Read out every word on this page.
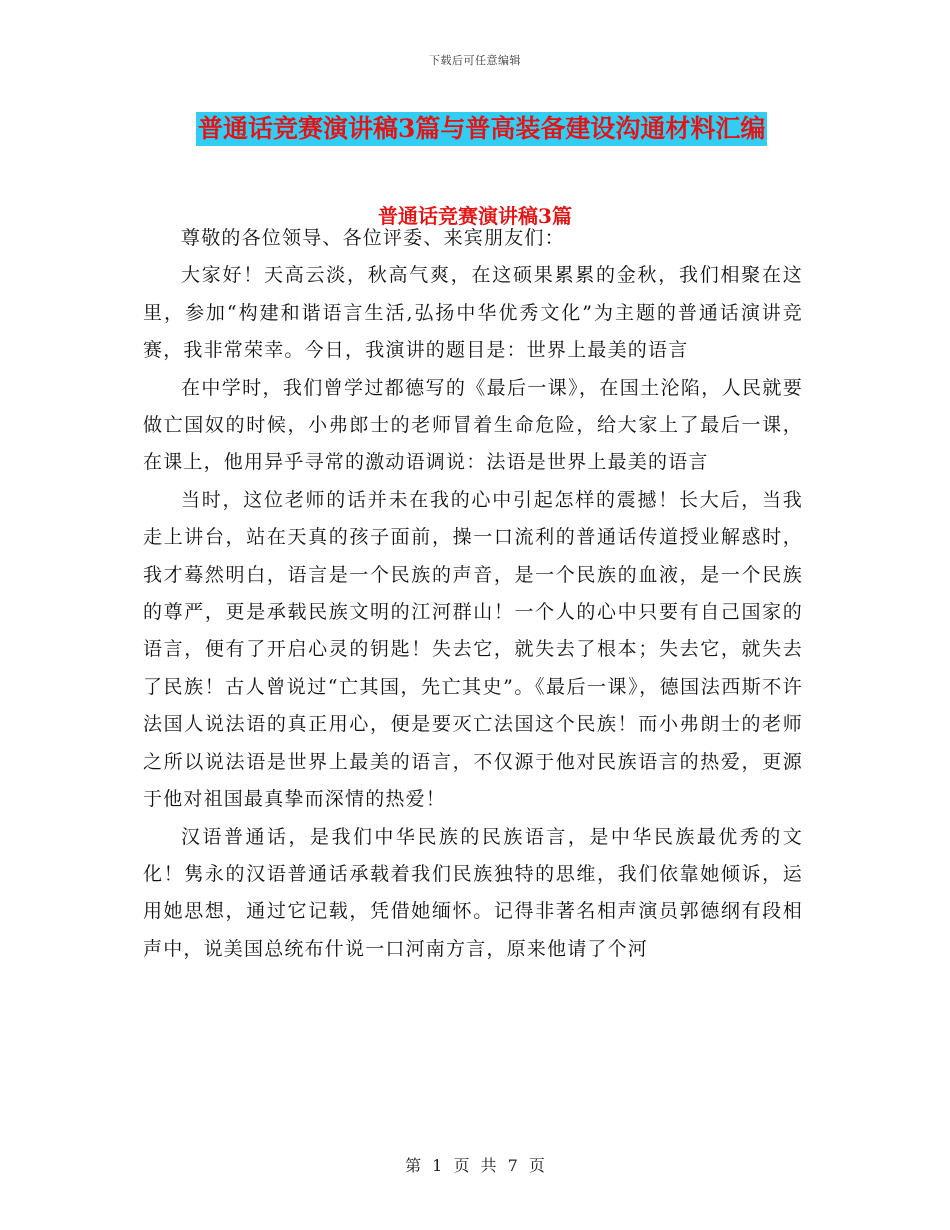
下载后可任意编辑
普通话竞赛演讲稿3篇与普高装备建设沟通材料汇编
普通话竞赛演讲稿3篇

尊敬的各位领导、各位评委、来宾朋友们：

大家好！天高云淡，秋高气爽，在这硕果累累的金秋，我们相聚在这里，参加“构建和谐语言生活,弘扬中华优秀文化”为主题的普通话演讲竞赛，我非常荣幸。今日，我演讲的题目是：世界上最美的语言

在中学时，我们曾学过都德写的《最后一课》，在国土沦陷，人民就要做亡国奴的时候，小弗郎士的老师冒着生命危险，给大家上了最后一课，在课上，他用异乎寻常的激动语调说：法语是世界上最美的语言

当时，这位老师的话并未在我的心中引起怎样的震撼！长大后，当我走上讲台，站在天真的孩子面前，操一口流利的普通话传道授业解惑时，我才蓦然明白，语言是一个民族的声音，是一个民族的血液，是一个民族的尊严，更是承载民族文明的江河群山！一个人的心中只要有自己国家的语言，便有了开启心灵的钥匙！失去它，就失去了根本；失去它，就失去了民族！古人曾说过“亡其国，先亡其史”。《最后一课》，德国法西斯不许法国人说法语的真正用心，便是要灭亡法国这个民族！而小弗朗士的老师之所以说法语是世界上最美的语言，不仅源于他对民族语言的热爱，更源于他对祖国最真挚而深情的热爱！

汉语普通话，是我们中华民族的民族语言，是中华民族最优秀的文化！隽永的汉语普通话承载着我们民族独特的思维，我们依靠她倾诉，运用她思想，通过它记载，凭借她缅怀。记得非著名相声演员郭德纲有段相声中，说美国总统布什说一口河南方言，原来他请了个河

第 1 页 共 7 页
